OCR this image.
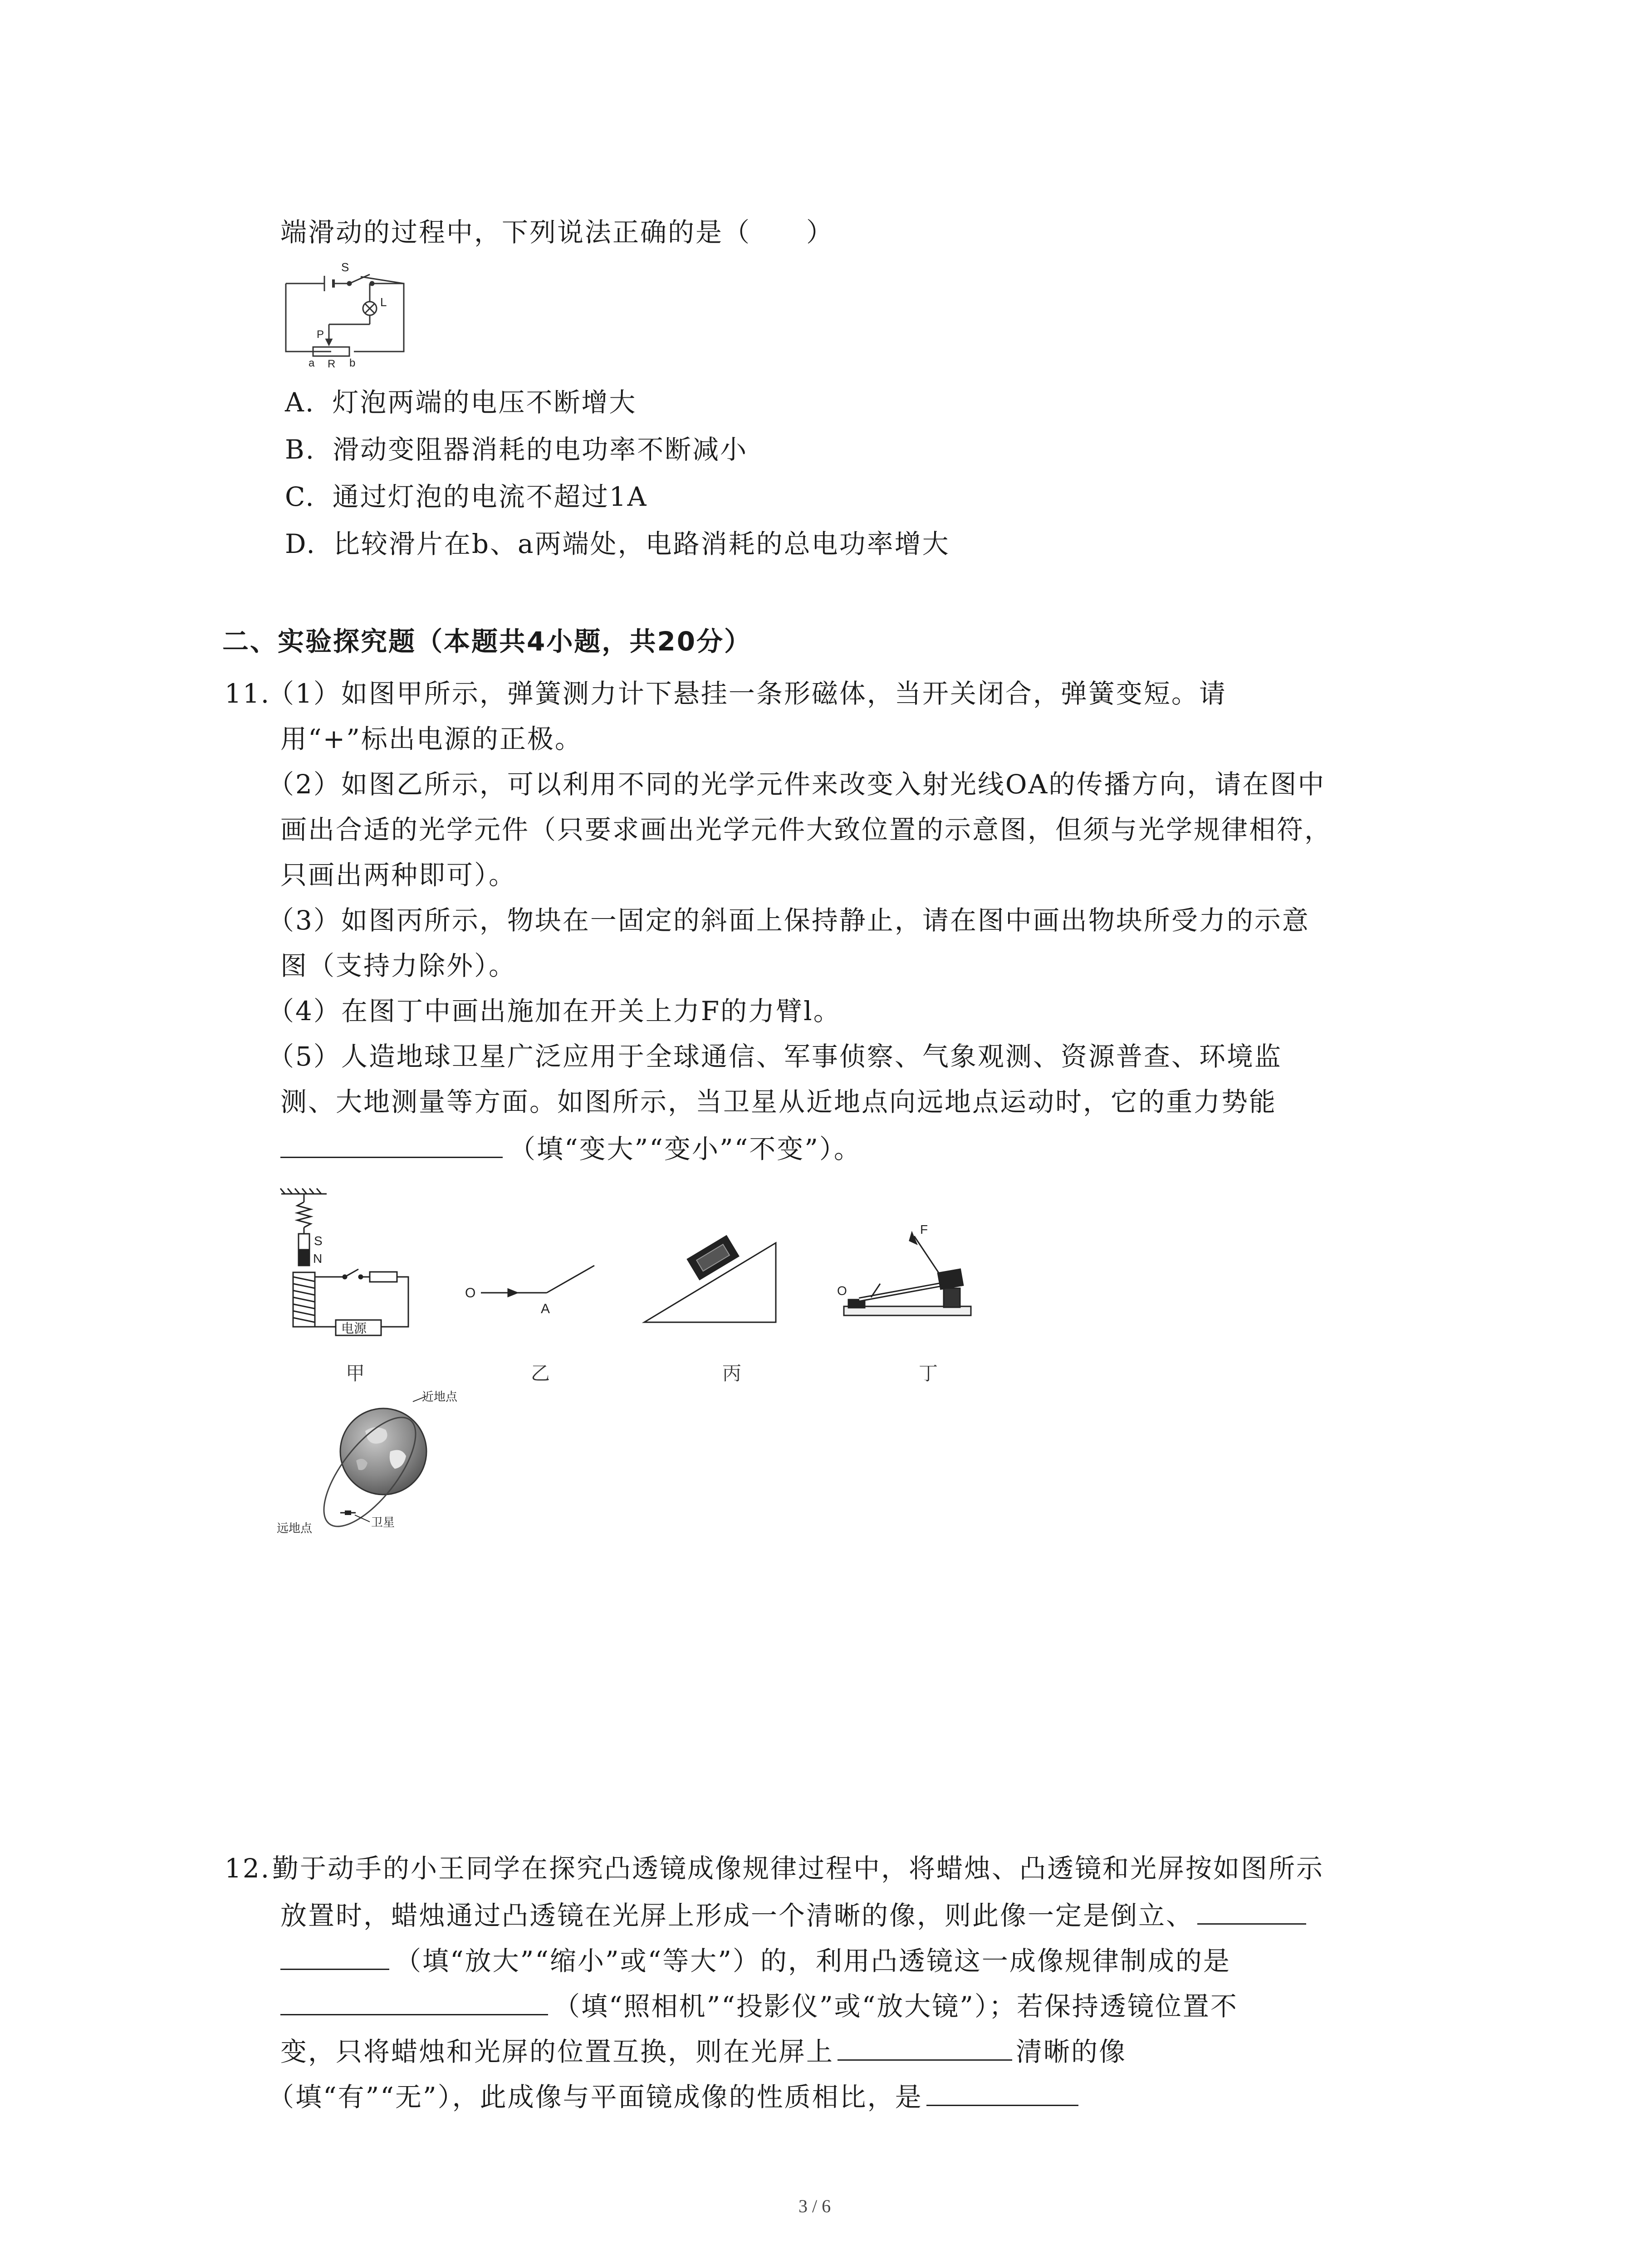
端滑动的过程中，下列说法正确的是（　　）
S
L
P
a R b
A. 灯泡两端的电压不断增大
B. 滑动变阻器消耗的电功率不断减小
C. 通过灯泡的电流不超过1A
D. 比较滑片在b、a两端处，电路消耗的总电功率增大
二、实验探究题（本题共4小题，共20分）
11.
（1）如图甲所示，弹簧测力计下悬挂一条形磁体，当开关闭合，弹簧变短。请
用“+”标出电源的正极。
（2）如图乙所示，可以利用不同的光学元件来改变入射光线OA的传播方向，请在图中
画出合适的光学元件（只要求画出光学元件大致位置的示意图，但须与光学规律相符，
只画出两种即可）。
（3）如图丙所示，物块在一固定的斜面上保持静止，请在图中画出物块所受力的示意
图（支持力除外）。
（4）在图丁中画出施加在开关上力F的力臂l。
（5）人造地球卫星广泛应用于全球通信、军事侦察、气象观测、资源普查、环境监
测、大地测量等方面。如图所示，当卫星从近地点向远地点运动时，它的重力势能
（填“变大”“变小”“不变”）。
S
N
电源
甲
O
A
乙	丙
F
O
丁
近地点
远地点	卫星
12. 勤于动手的小王同学在探究凸透镜成像规律过程中，将蜡烛、凸透镜和光屏按如图所示
放置时，蜡烛通过凸透镜在光屏上形成一个清晰的像，则此像一定是倒立、
（填“放大”“缩小”或“等大”）的，利用凸透镜这一成像规律制成的是
（填“照相机”“投影仪”或“放大镜”）；若保持透镜位置不
变，只将蜡烛和光屏的位置互换，则在光屏上	清晰的像
（填“有”“无”），此成像与平面镜成像的性质相比，是
3 / 6
